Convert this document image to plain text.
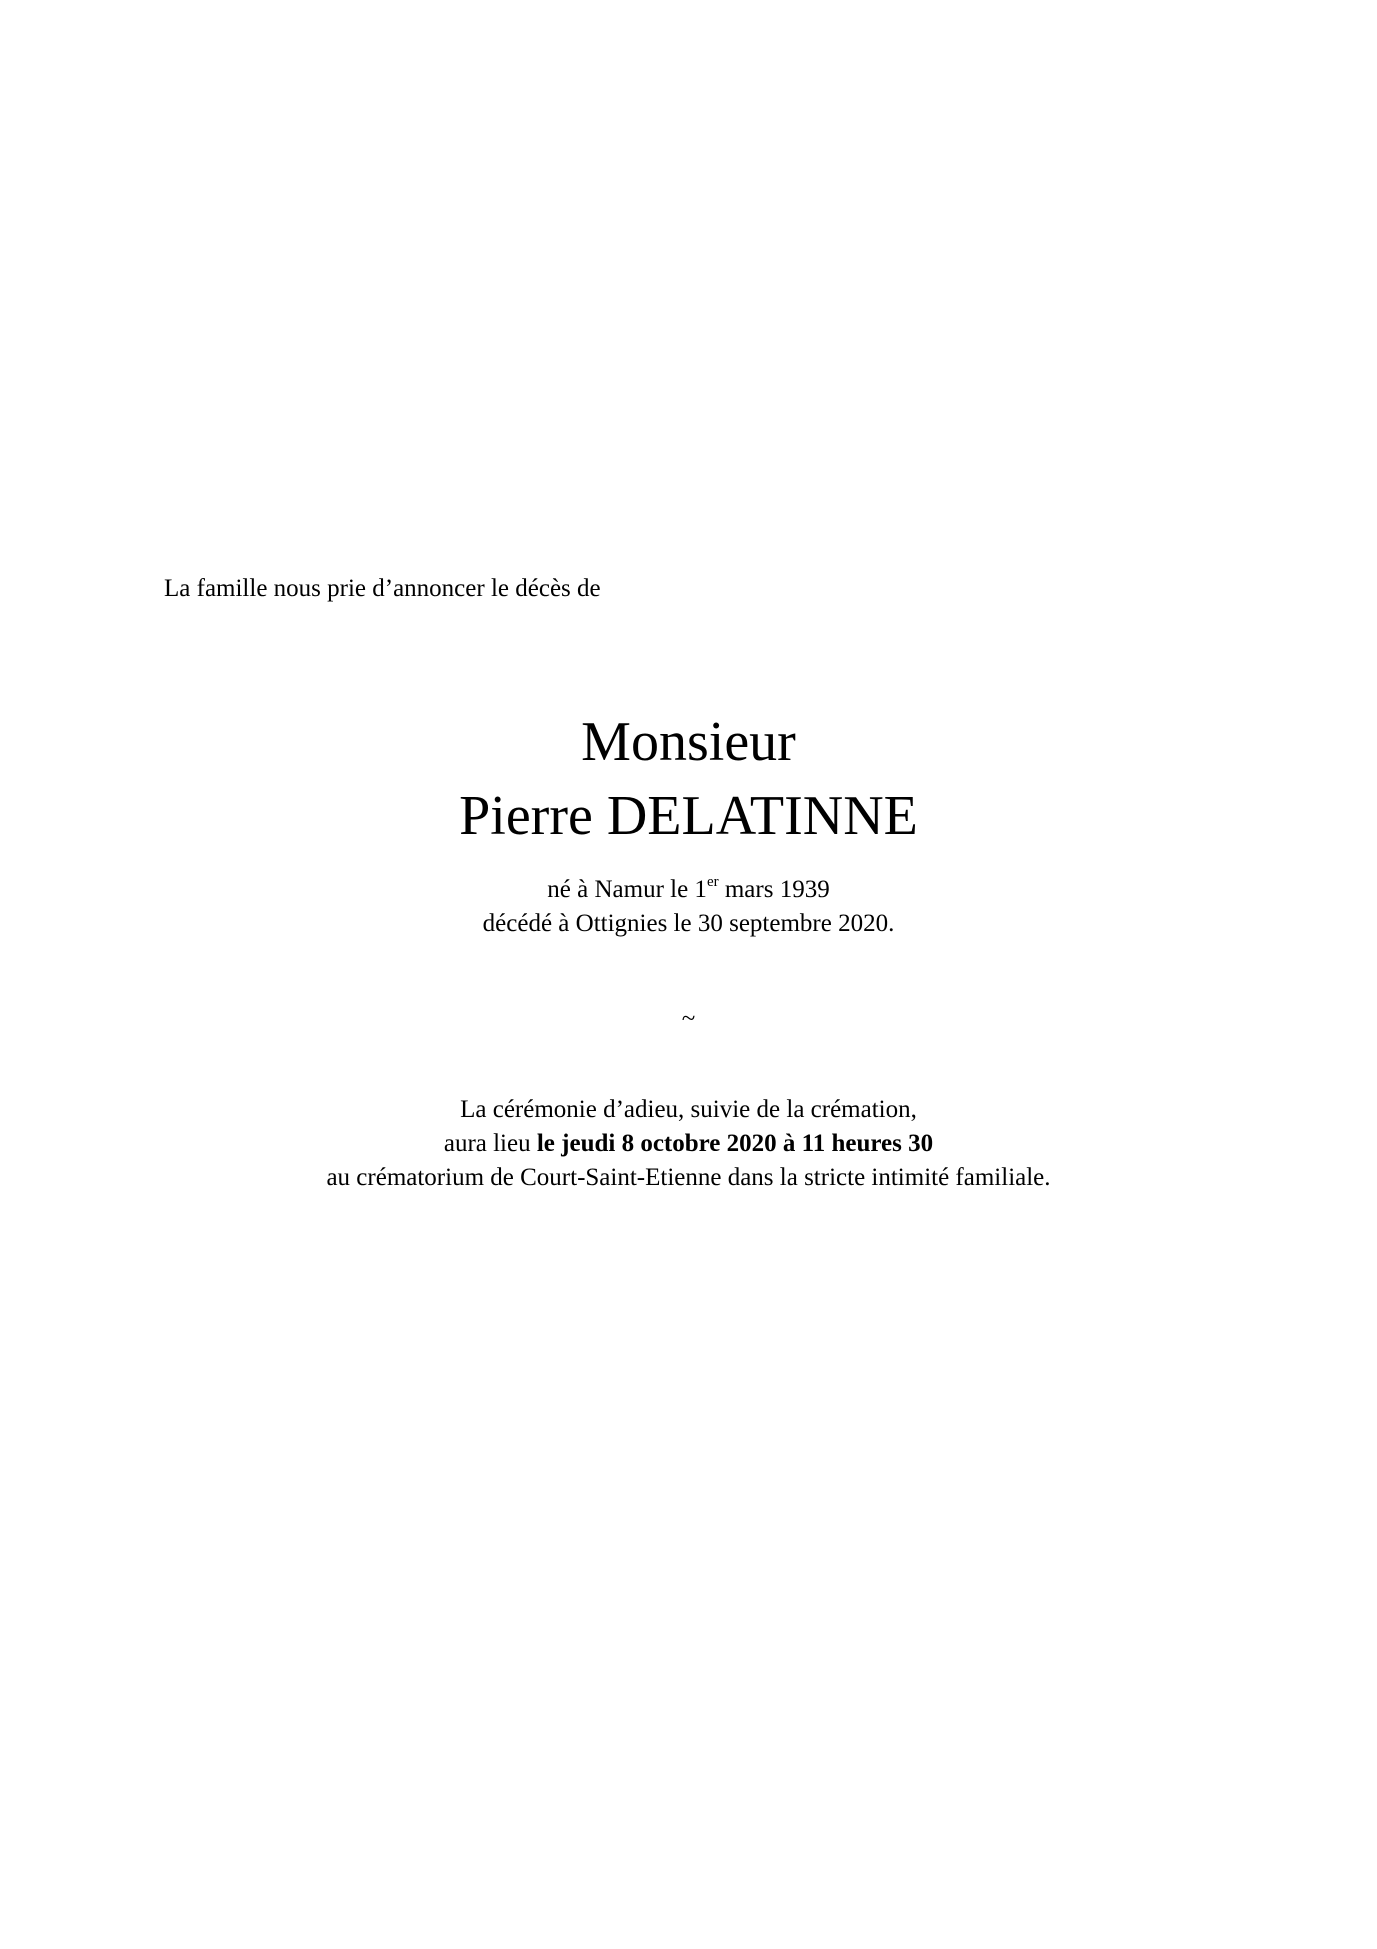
La famille nous prie d’annoncer le décès de
Monsieur
Pierre DELATINNE
né à Namur le 1er mars 1939
décédé à Ottignies le 30 septembre 2020.
~
La cérémonie d’adieu, suivie de la crémation,
aura lieu le jeudi 8 octobre 2020 à 11 heures 30
au crématorium de Court-Saint-Etienne dans la stricte intimité familiale.
